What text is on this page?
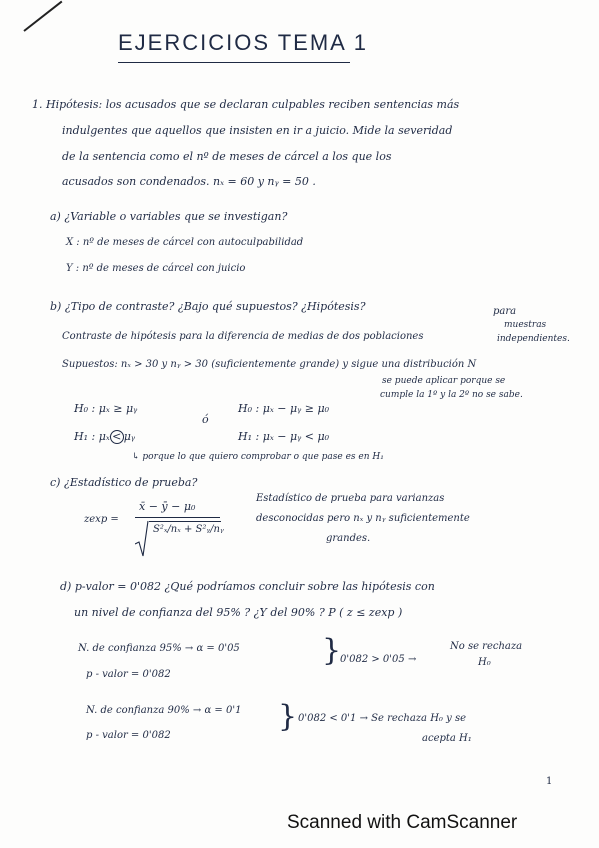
EJERCICIOS TEMA 1
1. Hipótesis: los acusados que se declaran culpables reciben sentencias más
indulgentes que aquellos que insisten en ir a juicio. Mide la severidad
de la sentencia como el nº de meses de cárcel a los que los
acusados son condenados. nₓ = 60 y nᵧ = 50 .
a) ¿Variable o variables que se investigan?
X : nº de meses de cárcel con autoculpabilidad
Y : nº de meses de cárcel con juicio
b) ¿Tipo de contraste? ¿Bajo qué supuestos? ¿Hipótesis?	para
muestras
Contraste de hipótesis para la diferencia de medias de dos poblaciones	independientes.
Supuestos: nₓ > 30 y nᵧ > 30 (suficientemente grande) y sigue una distribución N
se puede aplicar porque se
cumple la 1º y la 2º no se sabe.
H₀ : μₓ ≥ μᵧ
ó
H₀ : μₓ − μᵧ ≥ μ₀
H₁ : μₓ < μᵧ	H₁ : μₓ − μᵧ < μ₀
↳ porque lo que quiero comprobar o que pase es en H₁
c) ¿Estadístico de prueba?
zexp =
x̄ − ȳ − μ₀
S²ₓ/nₓ + S²ᵧ/nᵧ
Estadístico de prueba para varianzas
desconocidas pero nₓ y nᵧ suficientemente
grandes.
d) p-valor = 0'082 ¿Qué podríamos concluir sobre las hipótesis con
un nivel de confianza del 95% ? ¿Y del 90% ? P ( z ≤ zexp )
N. de confianza 95% → α = 0'05
p - valor = 0'082
}
0'082 > 0'05 →
No se rechaza
H₀
N. de confianza 90% → α = 0'1
p - valor = 0'082
} 0'082 < 0'1 → Se rechaza H₀ y se
acepta H₁
1
Scanned with CamScanner
